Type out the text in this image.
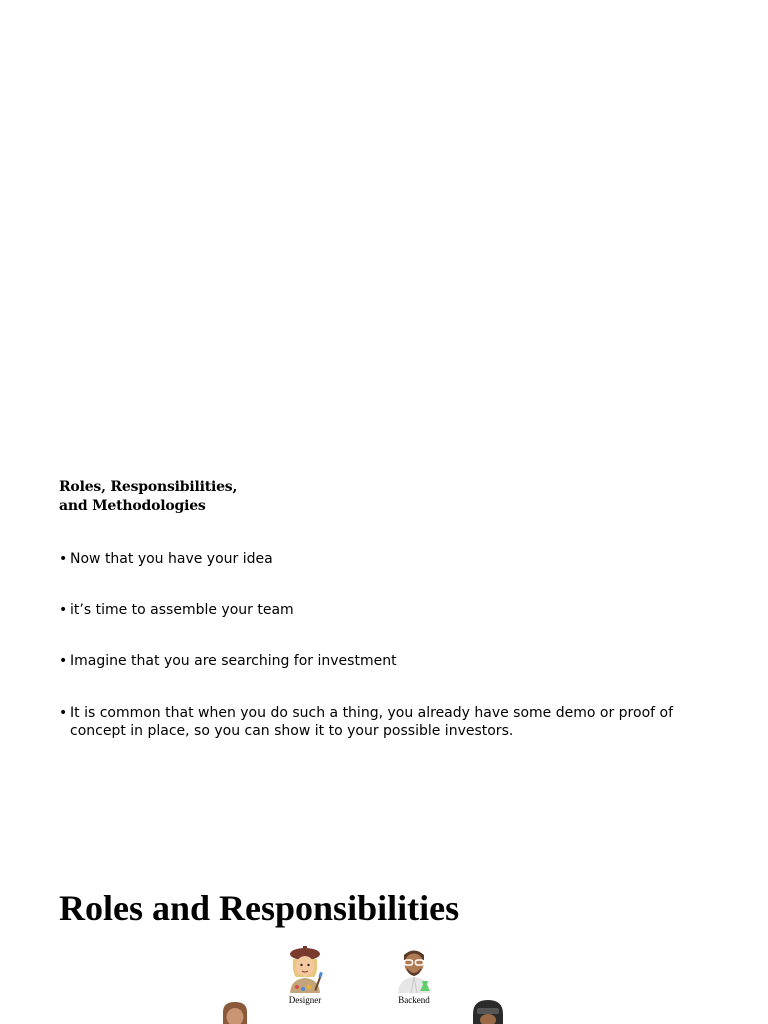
Roles, Responsibilities,
and Methodologies
• Now that you have your idea
• it’s time to assemble your team
• Imagine that you are searching for investment
• It is common that when you do such a thing, you already have some demo or proof of concept in place, so you can show it to your possible investors.
Roles and Responsibilities
Designer	Backend
